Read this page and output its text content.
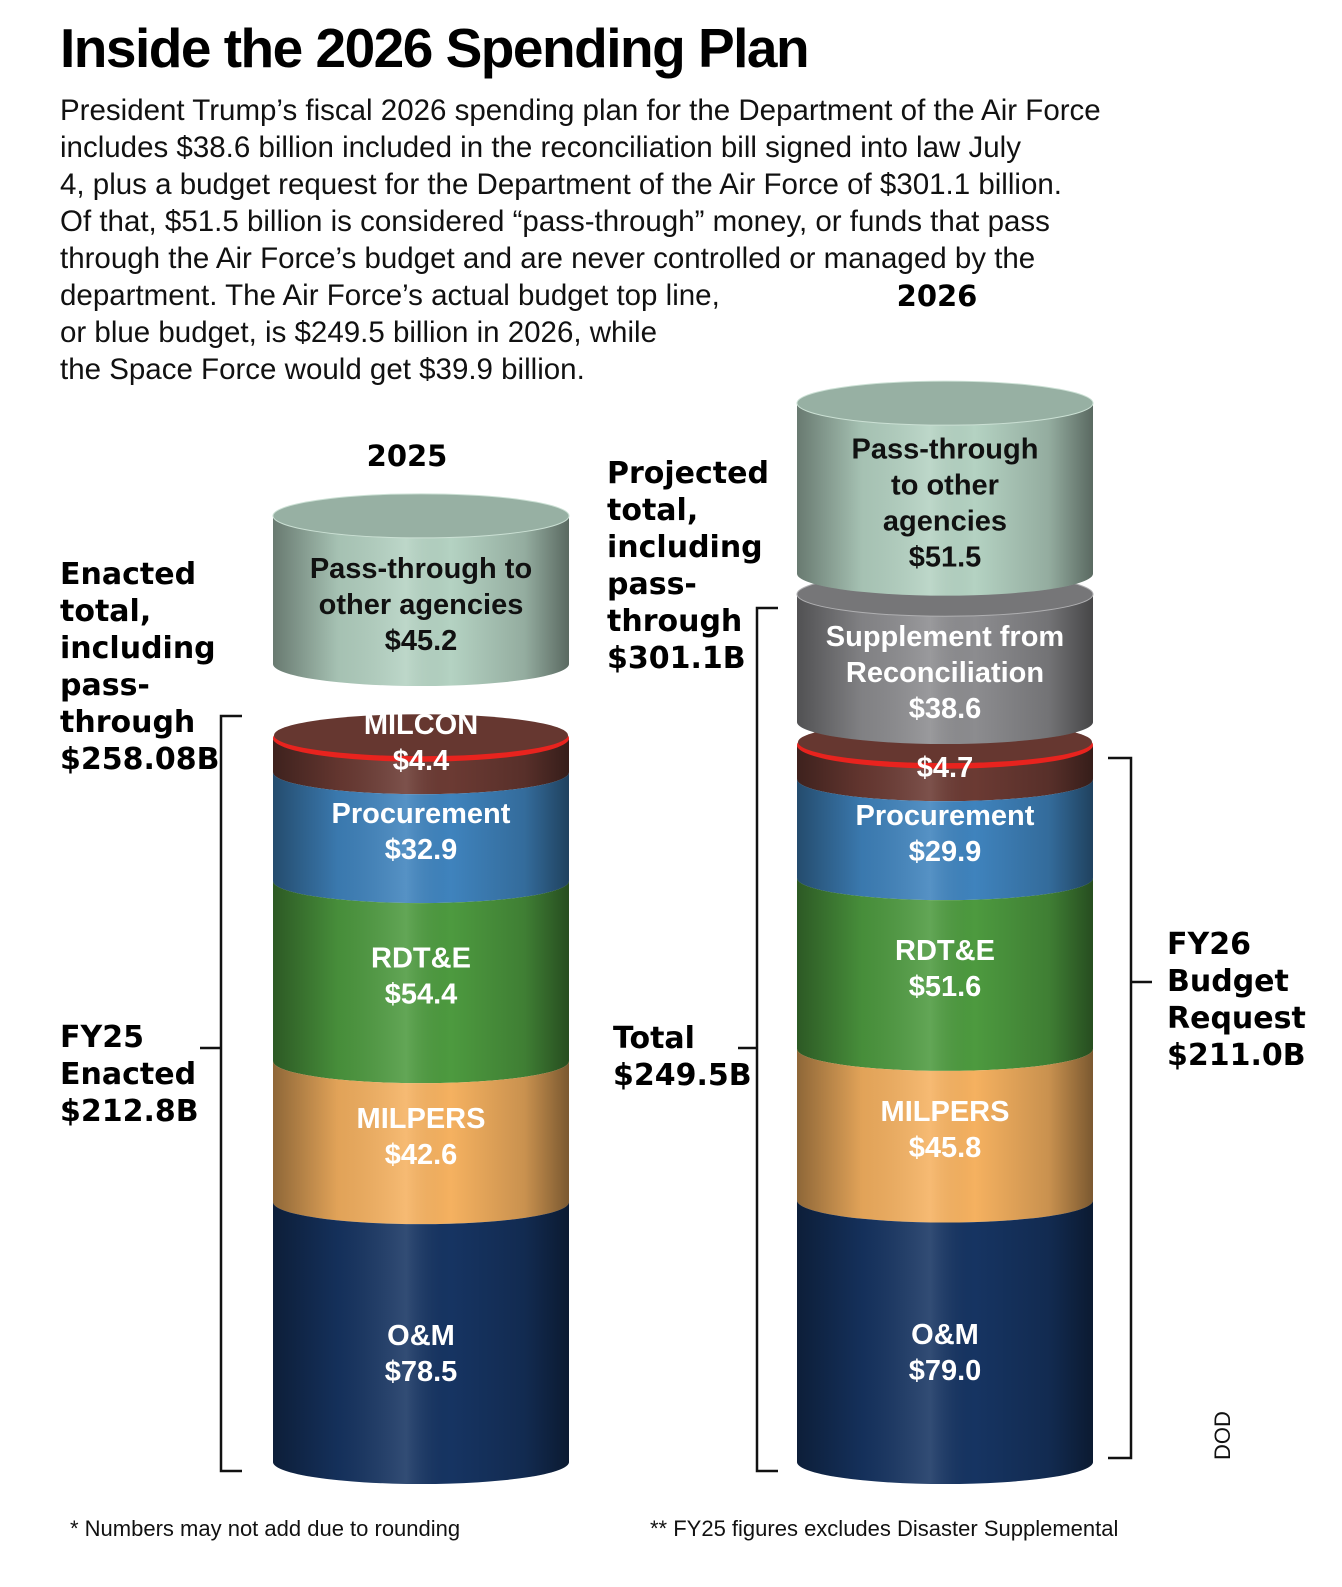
Inside the 2026 Spending Plan

President Trump’s fiscal 2026 spending plan for the Department of the Air Force

includes $38.6 billion included in the reconciliation bill signed into law July

4, plus a budget request for the Department of the Air Force of $301.1 billion.

Of that, $51.5 billion is considered “pass-through” money, or funds that pass

through the Air Force’s budget and are never controlled or managed by the

department. The Air Force’s actual budget top line,

or blue budget, is $249.5 billion in 2026, while

the Space Force would get $39.9 billion.

2025
O&M
$78.5
MILPERS
$42.6
RDT&E
$54.4
Procurement
$32.9
MILCON
$4.4
Pass-through to
other agencies
$45.2
2026
O&M
$79.0
MILPERS
$45.8
RDT&E
$51.6
Procurement
$29.9
$4.7
Supplement from
Reconciliation
$38.6
Pass-through
to other
agencies
$51.5
Enacted
total,
including
pass-
through
$258.08B
FY25
Enacted
$212.8B
Projected
total,
including
pass-
through
$301.1B
Total
$249.5B
FY26
Budget
Request
$211.0B
* Numbers may not add due to rounding	** FY25 figures excludes Disaster Supplemental
DOD
